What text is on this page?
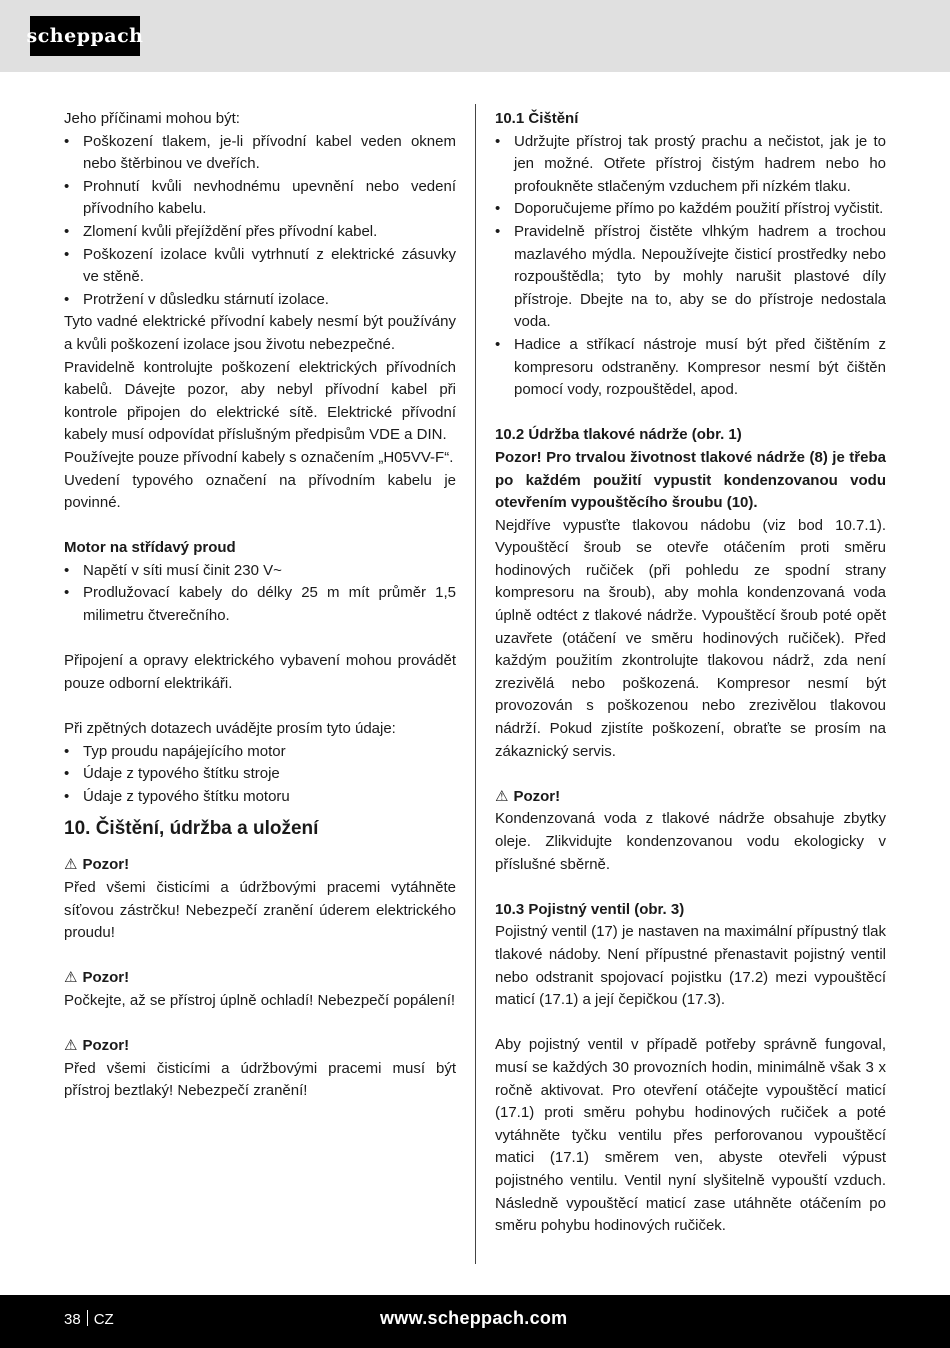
scheppach

Jeho příčinami mohou být:

• Poškození tlakem, je-li přívodní kabel veden oknem nebo štěrbinou ve dveřích.
• Prohnutí kvůli nevhodnému upevnění nebo vedení přívodního kabelu.
• Zlomení kvůli přejíždění přes přívodní kabel.
• Poškození izolace kvůli vytrhnutí z elektrické zásuvky ve stěně.
• Protržení v důsledku stárnutí izolace.

Tyto vadné elektrické přívodní kabely nesmí být používány a kvůli poškození izolace jsou životu nebezpečné.

Pravidelně kontrolujte poškození elektrických přívodních kabelů. Dávejte pozor, aby nebyl přívodní kabel při kontrole připojen do elektrické sítě. Elektrické přívodní kabely musí odpovídat příslušným předpisům VDE a DIN.

Používejte pouze přívodní kabely s označením „H05VV-F“.

Uvedení typového označení na přívodním kabelu je povinné.

Motor na střídavý proud

• Napětí v síti musí činit 230 V~
• Prodlužovací kabely do délky 25 m mít průměr 1,5 milimetru čtverečního.

Připojení a opravy elektrického vybavení mohou provádět pouze odborní elektrikáři.

Při zpětných dotazech uvádějte prosím tyto údaje:

• Typ proudu napájejícího motor
• Údaje z typového štítku stroje
• Údaje z typového štítku motoru
10. Čištění, údržba a uložení

⚠ Pozor!

Před všemi čisticími a údržbovými pracemi vytáhněte síťovou zástrčku! Nebezpečí zranění úderem elektrického proudu!

⚠ Pozor!

Počkejte, až se přístroj úplně ochladí! Nebezpečí popálení!

⚠ Pozor!

Před všemi čisticími a údržbovými pracemi musí být přístroj beztlaký! Nebezpečí zranění!

10.1 Čištění

• Udržujte přístroj tak prostý prachu a nečistot, jak je to jen možné. Otřete přístroj čistým hadrem nebo ho profoukněte stlačeným vzduchem při nízkém tlaku.
• Doporučujeme přímo po každém použití přístroj vyčistit.
• Pravidelně přístroj čistěte vlhkým hadrem a trochou mazlavého mýdla. Nepoužívejte čisticí prostředky nebo rozpouštědla; tyto by mohly narušit plastové díly přístroje. Dbejte na to, aby se do přístroje nedostala voda.
• Hadice a stříkací nástroje musí být před čištěním z kompresoru odstraněny. Kompresor nesmí být čištěn pomocí vody, rozpouštědel, apod.

10.2 Údržba tlakové nádrže (obr. 1)

Pozor! Pro trvalou životnost tlakové nádrže (8) je třeba po každém použití vypustit kondenzovanou vodu otevřením vypouštěcího šroubu (10).

Nejdříve vypusťte tlakovou nádobu (viz bod 10.7.1). Vypouštěcí šroub se otevře otáčením proti směru hodinových ručiček (při pohledu ze spodní strany kompresoru na šroub), aby mohla kondenzovaná voda úplně odtéct z tlakové nádrže. Vypouštěcí šroub poté opět uzavřete (otáčení ve směru hodinových ručiček). Před každým použitím zkontrolujte tlakovou nádrž, zda není zrezivělá nebo poškozená. Kompresor nesmí být provozován s poškozenou nebo zrezivělou tlakovou nádrží. Pokud zjistíte poškození, obraťte se prosím na zákaznický servis.

⚠ Pozor!

Kondenzovaná voda z tlakové nádrže obsahuje zbytky oleje. Zlikvidujte kondenzovanou vodu ekologicky v příslušné sběrně.

10.3 Pojistný ventil (obr. 3)

Pojistný ventil (17) je nastaven na maximální přípustný tlak tlakové nádoby. Není přípustné přenastavit pojistný ventil nebo odstranit spojovací pojistku (17.2) mezi vypouštěcí maticí (17.1) a její čepičkou (17.3).

Aby pojistný ventil v případě potřeby správně fungoval, musí se každých 30 provozních hodin, minimálně však 3 x ročně aktivovat. Pro otevření otáčejte vypouštěcí maticí (17.1) proti směru pohybu hodinových ručiček a poté vytáhněte tyčku ventilu přes perforovanou vypouštěcí matici (17.1) směrem ven, abyste otevřeli výpust pojistného ventilu. Ventil nyní slyšitelně vypouští vzduch. Následně vypouštěcí maticí zase utáhněte otáčením po směru pohybu hodinových ručiček.

38 CZ	www.scheppach.com
